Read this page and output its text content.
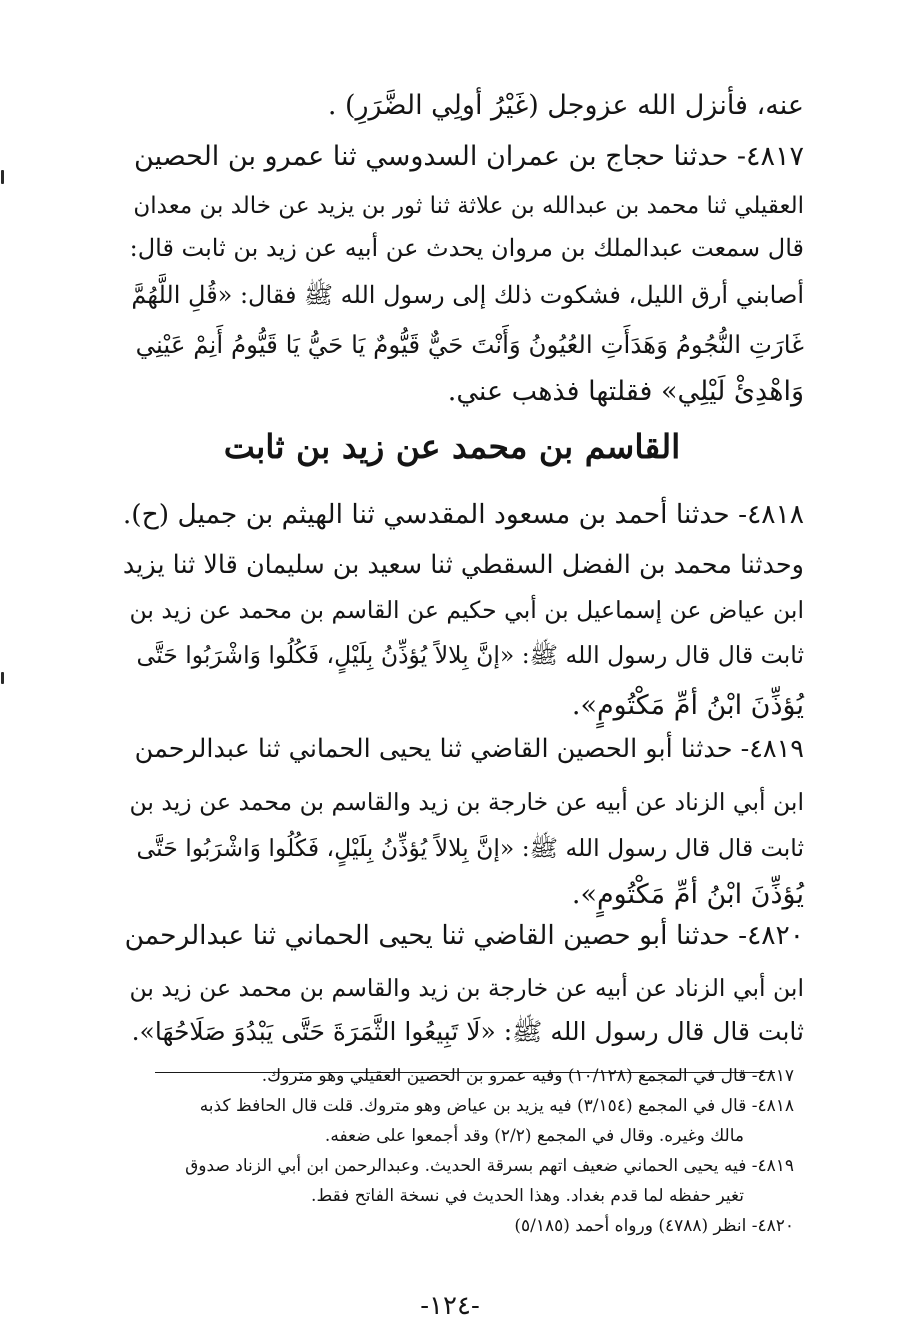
عنه، فأنزل الله عزوجل (غَيْرُ أولِي الضَّرَرِ) .
٤٨١٧- حدثنا حجاج بن عمران السدوسي ثنا عمرو بن الحصين
العقيلي ثنا محمد بن عبدالله بن علاثة ثنا ثور بن يزيد عن خالد بن معدان
قال سمعت عبدالملك بن مروان يحدث عن أبيه عن زيد بن ثابت قال:
أصابني أرق الليل، فشكوت ذلك إلى رسول الله ﷺ فقال: «قُلِ اللَّهُمَّ
غَارَتِ النُّجُومُ وَهَدَأَتِ العُيُونُ وَأَنْتَ حَيٌّ قَيُّومٌ يَا حَيُّ يَا قَيُّومُ أَنِمْ عَيْنِي
وَاهْدِئْ لَيْلِي» فقلتها فذهب عني.
القاسم بن محمد عن زيد بن ثابت
٤٨١٨- حدثنا أحمد بن مسعود المقدسي ثنا الهيثم بن جميل (ح).
وحدثنا محمد بن الفضل السقطي ثنا سعيد بن سليمان قالا ثنا يزيد
ابن عياض عن إسماعيل بن أبي حكيم عن القاسم بن محمد عن زيد بن
ثابت قال قال رسول الله ﷺ: «إنَّ بِلالاً يُؤذِّنُ بِلَيْلٍ، فَكُلُوا وَاشْرَبُوا حَتَّى
يُؤذِّنَ ابْنُ أمِّ مَكْتُومٍ».
٤٨١٩- حدثنا أبو الحصين القاضي ثنا يحيى الحماني ثنا عبدالرحمن
ابن أبي الزناد عن أبيه عن خارجة بن زيد والقاسم بن محمد عن زيد بن
ثابت قال قال رسول الله ﷺ: «إنَّ بِلالاً يُؤذِّنُ بِلَيْلٍ، فَكُلُوا وَاشْرَبُوا حَتَّى
يُؤذِّنَ ابْنُ أمِّ مَكْتُومٍ».
٤٨٢٠- حدثنا أبو حصين القاضي ثنا يحيى الحماني ثنا عبدالرحمن
ابن أبي الزناد عن أبيه عن خارجة بن زيد والقاسم بن محمد عن زيد بن
ثابت قال قال رسول الله ﷺ: «لَا تَبِيعُوا الثَّمَرَةَ حَتَّى يَبْدُوَ صَلَاحُهَا».
٤٨١٧- قال في المجمع (١٠/١٢٨) وفيه عمرو بن الحصين العقيلي وهو متروك.
٤٨١٨- قال في المجمع (٣/١٥٤) فيه يزيد بن عياض وهو متروك. قلت قال الحافظ كذبه
مالك وغيره. وقال في المجمع (٢/٢) وقد أجمعوا على ضعفه.
٤٨١٩- فيه يحيى الحماني ضعيف اتهم بسرقة الحديث. وعبدالرحمن ابن أبي الزناد صدوق
تغير حفظه لما قدم بغداد. وهذا الحديث في نسخة الفاتح فقط.
٤٨٢٠- انظر (٤٧٨٨) ورواه أحمد (٥/١٨٥)
-١٢٤-
